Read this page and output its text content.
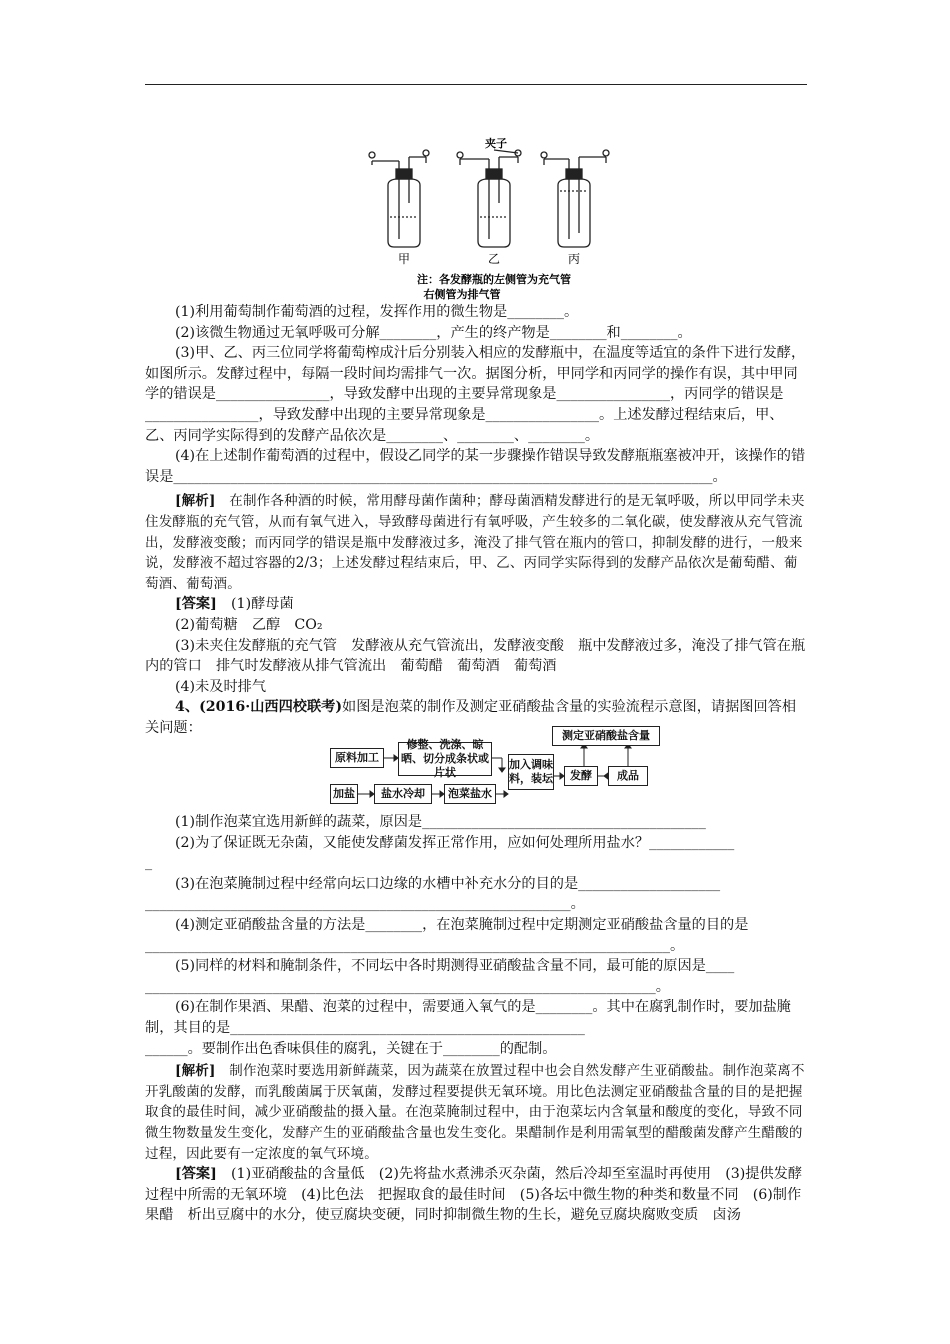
夹子
甲	乙	丙
注：各发酵瓶的左侧管为充气管
右侧管为排气管

(1)利用葡萄制作葡萄酒的过程，发挥作用的微生物是________。

(2)该微生物通过无氧呼吸可分解________，产生的终产物是________和________。

(3)甲、乙、丙三位同学将葡萄榨成汁后分别装入相应的发酵瓶中，在温度等适宜的条件下进行发酵，如图所示。发酵过程中，每隔一段时间均需排气一次。据图分析，甲同学和丙同学的操作有误，其中甲同学的错误是________________，导致发酵中出现的主要异常现象是________________，丙同学的错误是________________，导致发酵中出现的主要异常现象是________________。上述发酵过程结束后，甲、乙、丙同学实际得到的发酵产品依次是________、________、________。

(4)在上述制作葡萄酒的过程中，假设乙同学的某一步骤操作错误导致发酵瓶瓶塞被冲开，该操作的错误是____________________________________________________________________________。

[解析]　 在制作各种酒的时候，常用酵母菌作菌种；酵母菌酒精发酵进行的是无氧呼吸，所以甲同学未夹住发酵瓶的充气管，从而有氧气进入，导致酵母菌进行有氧呼吸，产生较多的二氧化碳，使发酵液从充气管流出，发酵液变酸；而丙同学的错误是瓶中发酵液过多，淹没了排气管在瓶内的管口，抑制发酵的进行，一般来说，发酵液不超过容器的2/3；上述发酵过程结束后，甲、乙、丙同学实际得到的发酵产品依次是葡萄醋、葡萄酒、葡萄酒。

[答案]　 (1)酵母菌

(2)葡萄糖　乙醇　CO₂

(3)未夹住发酵瓶的充气管　发酵液从充气管流出，发酵液变酸　瓶中发酵液过多，淹没了排气管在瓶内的管口　排气时发酵液从排气管流出　葡萄醋　葡萄酒　葡萄酒

(4)未及时排气

4、(2016·山西四校联考)如图是泡菜的制作及测定亚硝酸盐含量的实验流程示意图，请据图回答相关问题：

原料加工
修整、洗涤、晾晒、切分成条状或片状
加盐	盐水冷却	泡菜盐水
加入调味料，装坛	发酵	成品
测定亚硝酸盐含量

(1)制作泡菜宜选用新鲜的蔬菜，原因是________________________________________

(2)为了保证既无杂菌，又能使发酵菌发挥正常作用，应如何处理所用盐水？____________

_

(3)在泡菜腌制过程中经常向坛口边缘的水槽中补充水分的目的是____________________

____________________________________________________________。

(4)测定亚硝酸盐含量的方法是________，在泡菜腌制过程中定期测定亚硝酸盐含量的目的是__________________________________________________________________________。

(5)同样的材料和腌制条件，不同坛中各时期测得亚硝酸盐含量不同，最可能的原因是____

________________________________________________________________________。

(6)在制作果酒、果醋、泡菜的过程中，需要通入氧气的是________。其中在腐乳制作时，要加盐腌制，其目的是__________________________________________________

______。要制作出色香味俱佳的腐乳，关键在于________的配制。

[解析]　 制作泡菜时要选用新鲜蔬菜，因为蔬菜在放置过程中也会自然发酵产生亚硝酸盐。制作泡菜离不开乳酸菌的发酵，而乳酸菌属于厌氧菌，发酵过程要提供无氧环境。用比色法测定亚硝酸盐含量的目的是把握取食的最佳时间，减少亚硝酸盐的摄入量。在泡菜腌制过程中，由于泡菜坛内含氧量和酸度的变化，导致不同微生物数量发生变化，发酵产生的亚硝酸盐含量也发生变化。果醋制作是利用需氧型的醋酸菌发酵产生醋酸的过程，因此要有一定浓度的氧气环境。

[答案]　 (1)亚硝酸盐的含量低　(2)先将盐水煮沸杀灭杂菌，然后冷却至室温时再使用　(3)提供发酵过程中所需的无氧环境　(4)比色法　把握取食的最佳时间　(5)各坛中微生物的种类和数量不同　(6)制作果醋　析出豆腐中的水分，使豆腐块变硬，同时抑制微生物的生长，避免豆腐块腐败变质　卤汤
